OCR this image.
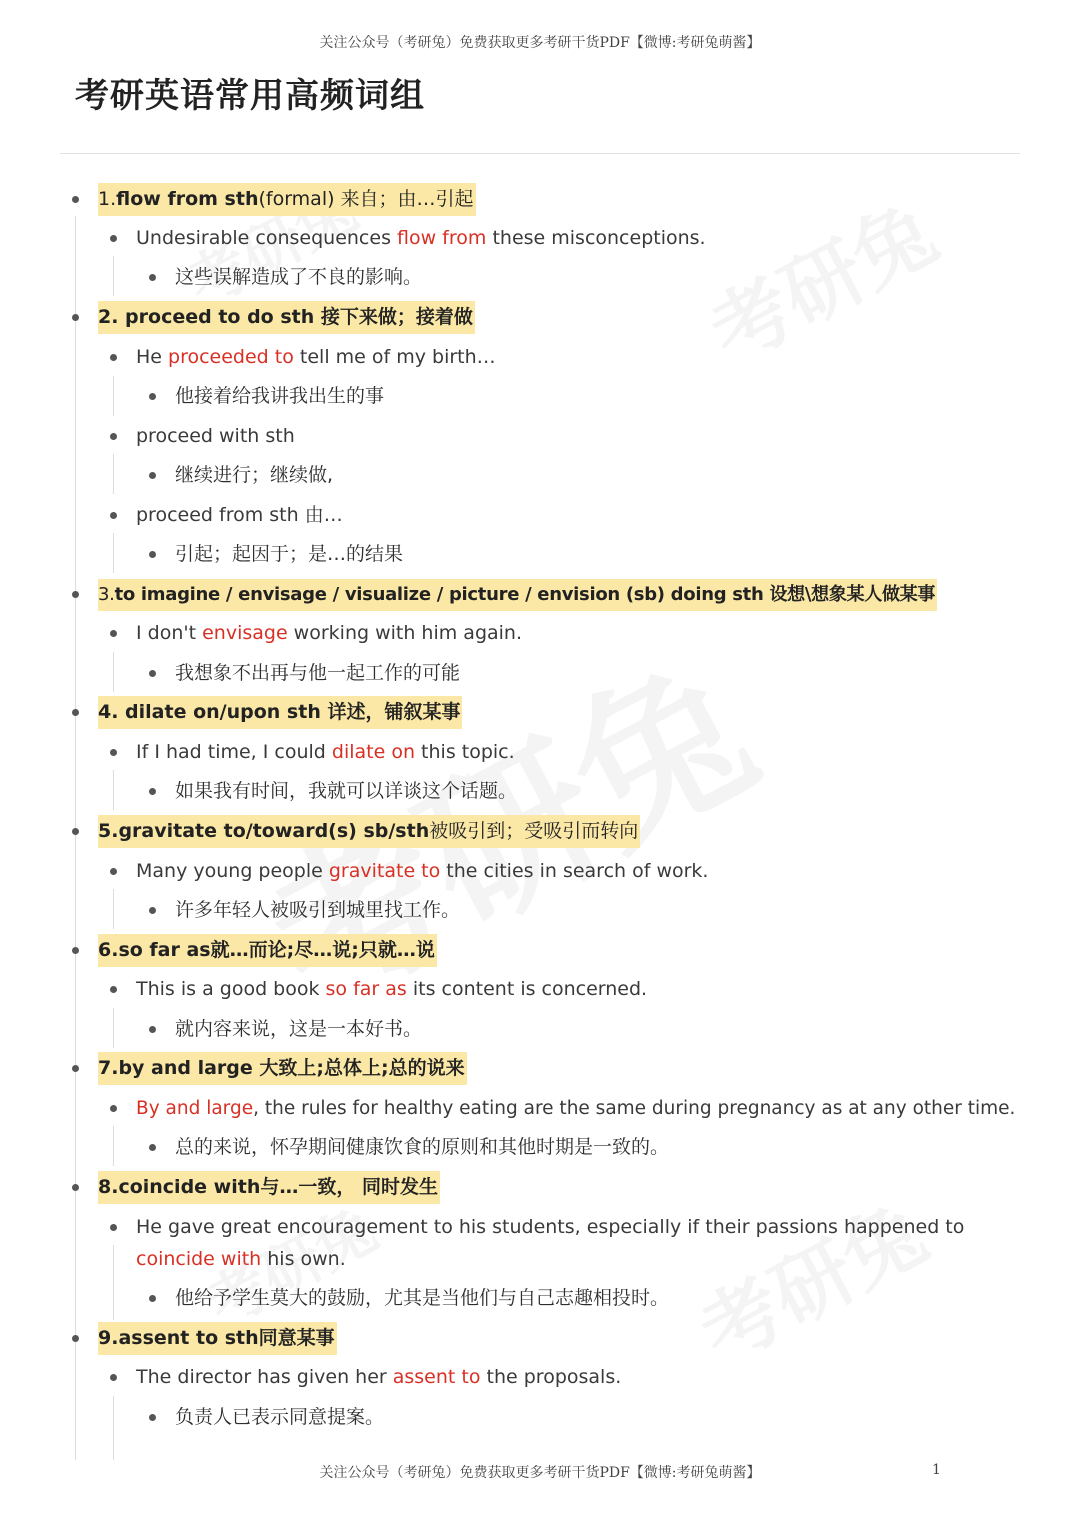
关注公众号（考研兔）免费获取更多考研干货PDF【微博:考研兔萌酱】
考研英语常用高频词组
1.flow from sth(formal) 来自；由…引起
Undesirable consequences flow from these misconceptions.
这些误解造成了不良的影响。
2. proceed to do sth 接下来做；接着做
He proceeded to tell me of my birth…
他接着给我讲我出生的事
proceed with sth
继续进行；继续做,
proceed from sth 由…
引起；起因于；是…的结果
3.to imagine / envisage / visualize / picture / envision (sb) doing sth 设想\想象某人做某事
I don't envisage working with him again.
我想象不出再与他一起工作的可能
4. dilate on/upon sth 详述，铺叙某事
If I had time, I could dilate on this topic.
如果我有时间，我就可以详谈这个话题。
5.gravitate to/toward(s) sb/sth被吸引到；受吸引而转向
Many young people gravitate to the cities in search of work.
许多年轻人被吸引到城里找工作。
6.so far as就…而论;尽…说;只就…说
This is a good book so far as its content is concerned.
就内容来说，这是一本好书。
7.by and large 大致上;总体上;总的说来
By and large, the rules for healthy eating are the same during pregnancy as at any other time.
总的来说，怀孕期间健康饮食的原则和其他时期是一致的。
8.coincide with与…一致， 同时发生
He gave great encouragement to his students, especially if their passions happened to coincide with his own.
他给予学生莫大的鼓励，尤其是当他们与自己志趣相投时。
9.assent to sth同意某事
The director has given her assent to the proposals.
负责人已表示同意提案。
关注公众号（考研兔）免费获取更多考研干货PDF【微博:考研兔萌酱】	1
